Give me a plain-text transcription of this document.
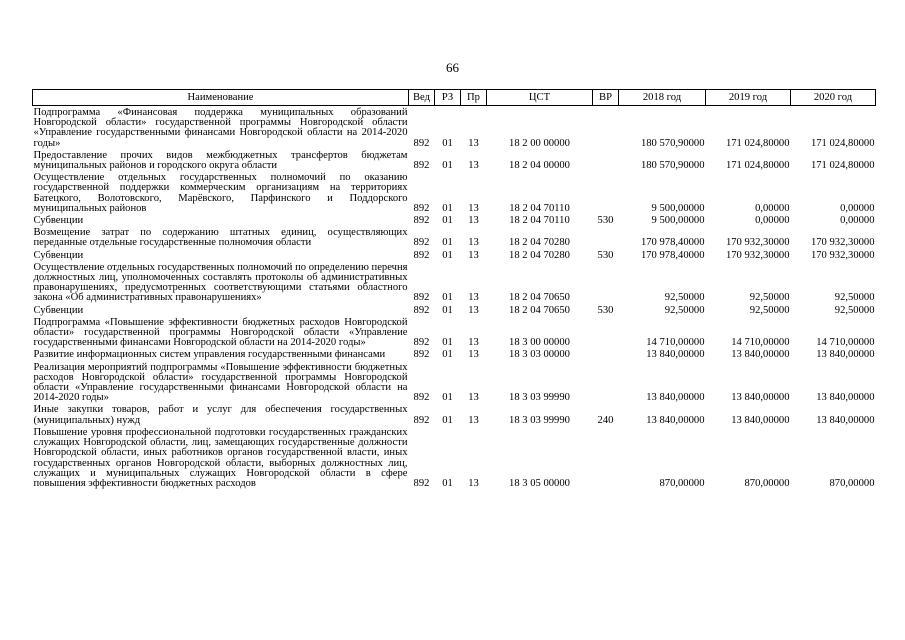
66
Наименование	Вед	РЗ	Пр	ЦСТ	ВР	2018 год	2019 год	2020 год
Подпрограмма «Финансовая поддержка муниципальных образований Новгородской области» государственной программы Новгородской области «Управление государственными финансами Новгородской области на 2014-2020 годы»	892	01	13	18 2 00 00000		180 570,90000	171 024,80000	171 024,80000
Предоставление прочих видов межбюджетных трансфертов бюджетам муниципальных районов и городского округа области	892	01	13	18 2 04 00000		180 570,90000	171 024,80000	171 024,80000
Осуществление отдельных государственных полномочий по оказанию государственной поддержки коммерческим организациям на территориях Батецкого, Волотовского, Марёвского, Парфинского и Поддорского муниципальных районов	892	01	13	18 2 04 70110		9 500,00000	0,00000	0,00000
Субвенции	892	01	13	18 2 04 70110	530	9 500,00000	0,00000	0,00000
Возмещение затрат по содержанию штатных единиц, осуществляющих переданные отдельные государственные полномочия области	892	01	13	18 2 04 70280		170 978,40000	170 932,30000	170 932,30000
Субвенции	892	01	13	18 2 04 70280	530	170 978,40000	170 932,30000	170 932,30000
Осуществление отдельных государственных полномочий по определению перечня должностных лиц, уполномоченных составлять протоколы об административных правонарушениях, предусмотренных соответствующими статьями областного закона «Об административных правонарушениях»	892	01	13	18 2 04 70650		92,50000	92,50000	92,50000
Субвенции	892	01	13	18 2 04 70650	530	92,50000	92,50000	92,50000
Подпрограмма «Повышение эффективности бюджетных расходов Новгородской области» государственной программы Новгородской области «Управление государственными финансами Новгородской области на 2014-2020 годы»	892	01	13	18 3 00 00000		14 710,00000	14 710,00000	14 710,00000
Развитие информационных систем управления государственными финансами	892	01	13	18 3 03 00000		13 840,00000	13 840,00000	13 840,00000
Реализация мероприятий подпрограммы «Повышение эффективности бюджетных расходов Новгородской области» государственной программы Новгородской области «Управление государственными финансами Новгородской области на 2014-2020 годы»	892	01	13	18 3 03 99990		13 840,00000	13 840,00000	13 840,00000
Иные закупки товаров, работ и услуг для обеспечения государственных (муниципальных) нужд	892	01	13	18 3 03 99990	240	13 840,00000	13 840,00000	13 840,00000
Повышение уровня профессиональной подготовки государственных гражданских служащих Новгородской области, лиц, замещающих государственные должности Новгородской области, иных работников органов государственной власти, иных государственных органов Новгородской области, выборных должностных лиц, служащих и муниципальных служащих Новгородской области в сфере повышения эффективности бюджетных расходов	892	01	13	18 3 05 00000		870,00000	870,00000	870,00000
